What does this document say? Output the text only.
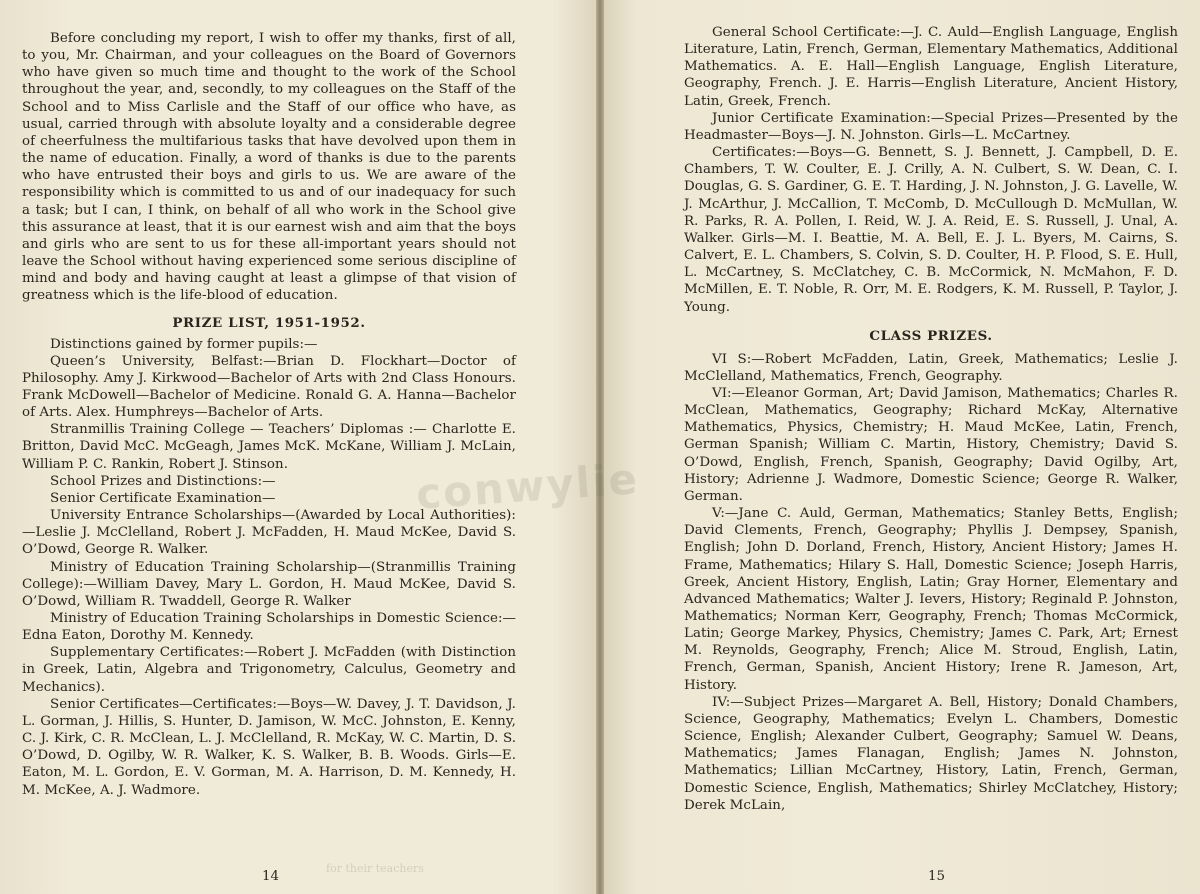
Before concluding my report, I wish to offer my thanks, first of all, to you, Mr. Chairman, and your colleagues on the Board of Governors who have given so much time and thought to the work of the School throughout the year, and, secondly, to my colleagues on the Staff of the School and to Miss Carlisle and the Staff of our office who have, as usual, carried through with absolute loyalty and a considerable degree of cheerfulness the multifarious tasks that have devolved upon them in the name of education. Finally, a word of thanks is due to the parents who have entrusted their boys and girls to us. We are aware of the responsibility which is committed to us and of our inadequacy for such a task; but I can, I think, on behalf of all who work in the School give this assurance at least, that it is our earnest wish and aim that the boys and girls who are sent to us for these all-important years should not leave the School without having experienced some serious discipline of mind and body and having caught at least a glimpse of that vision of greatness which is the life-blood of education.

PRIZE LIST, 1951-1952.

Distinctions gained by former pupils:—

Queen’s University, Belfast:—Brian D. Flockhart—Doctor of Philosophy. Amy J. Kirkwood—Bachelor of Arts with 2nd Class Honours. Frank McDowell—Bachelor of Medicine. Ronald G. A. Hanna—Bachelor of Arts. Alex. Humphreys—Bachelor of Arts.

Stranmillis Training College — Teachers’ Diplomas :— Charlotte E. Britton, David McC. McGeagh, James McK. McKane, William J. McLain, William P. C. Rankin, Robert J. Stinson.

School Prizes and Distinctions:—

Senior Certificate Examination—

University Entrance Scholarships—(Awarded by Local Authorities):—Leslie J. McClelland, Robert J. McFadden, H. Maud McKee, David S. O’Dowd, George R. Walker.

Ministry of Education Training Scholarship—(Stranmillis Training College):—William Davey, Mary L. Gordon, H. Maud McKee, David S. O’Dowd, William R. Twaddell, George R. Walker

Ministry of Education Training Scholarships in Domestic Science:—Edna Eaton, Dorothy M. Kennedy.

Supplementary Certificates:—Robert J. McFadden (with Distinction in Greek, Latin, Algebra and Trigonometry, Calculus, Geometry and Mechanics).

Senior Certificates—Certificates:—Boys—W. Davey, J. T. Davidson, J. L. Gorman, J. Hillis, S. Hunter, D. Jamison, W. McC. Johnston, E. Kenny, C. J. Kirk, C. R. McClean, L. J. McClelland, R. McKay, W. C. Martin, D. S. O’Dowd, D. Ogilby, W. R. Walker, K. S. Walker, B. B. Woods. Girls—E. Eaton, M. L. Gordon, E. V. Gorman, M. A. Harrison, D. M. Kennedy, H. M. McKee, A. J. Wadmore.

14

General School Certificate:—J. C. Auld—English Language, English Literature, Latin, French, German, Elementary Mathematics, Additional Mathematics. A. E. Hall—English Language, English Literature, Geography, French. J. E. Harris—English Literature, Ancient History, Latin, Greek, French.

Junior Certificate Examination:—Special Prizes—Presented by the Headmaster—Boys—J. N. Johnston. Girls—L. McCartney.

Certificates:—Boys—G. Bennett, S. J. Bennett, J. Campbell, D. E. Chambers, T. W. Coulter, E. J. Crilly, A. N. Culbert, S. W. Dean, C. I. Douglas, G. S. Gardiner, G. E. T. Harding, J. N. Johnston, J. G. Lavelle, W. J. McArthur, J. McCallion, T. McComb, D. McCullough D. McMullan, W. R. Parks, R. A. Pollen, I. Reid, W. J. A. Reid, E. S. Russell, J. Unal, A. Walker. Girls—M. I. Beattie, M. A. Bell, E. J. L. Byers, M. Cairns, S. Calvert, E. L. Chambers, S. Colvin, S. D. Coulter, H. P. Flood, S. E. Hull, L. McCartney, S. McClatchey, C. B. McCormick, N. McMahon, F. D. McMillen, E. T. Noble, R. Orr, M. E. Rodgers, K. M. Russell, P. Taylor, J. Young.

CLASS PRIZES.

VI S:—Robert McFadden, Latin, Greek, Mathematics; Leslie J. McClelland, Mathematics, French, Geography.

VI:—Eleanor Gorman, Art; David Jamison, Mathematics; Charles R. McClean, Mathematics, Geography; Richard McKay, Alternative Mathematics, Physics, Chemistry; H. Maud McKee, Latin, French, German Spanish; William C. Martin, History, Chemistry; David S. O’Dowd, English, French, Spanish, Geography; David Ogilby, Art, History; Adrienne J. Wadmore, Domestic Science; George R. Walker, German.

V:—Jane C. Auld, German, Mathematics; Stanley Betts, English; David Clements, French, Geography; Phyllis J. Dempsey, Spanish, English; John D. Dorland, French, History, Ancient History; James H. Frame, Mathematics; Hilary S. Hall, Domestic Science; Joseph Harris, Greek, Ancient History, English, Latin; Gray Horner, Elementary and Advanced Mathematics; Walter J. Ievers, History; Reginald P. Johnston, Mathematics; Norman Kerr, Geography, French; Thomas McCormick, Latin; George Markey, Physics, Chemistry; James C. Park, Art; Ernest M. Reynolds, Geography, French; Alice M. Stroud, English, Latin, French, German, Spanish, Ancient History; Irene R. Jameson, Art, History.

IV:—Subject Prizes—Margaret A. Bell, History; Donald Chambers, Science, Geography, Mathematics; Evelyn L. Chambers, Domestic Science, English; Alexander Culbert, Geography; Samuel W. Deans, Mathematics; James Flanagan, English; James N. Johnston, Mathematics; Lillian McCartney, History, Latin, French, German, Domestic Science, English, Mathematics; Shirley McClatchey, History; Derek McLain,

15
for their teachers
